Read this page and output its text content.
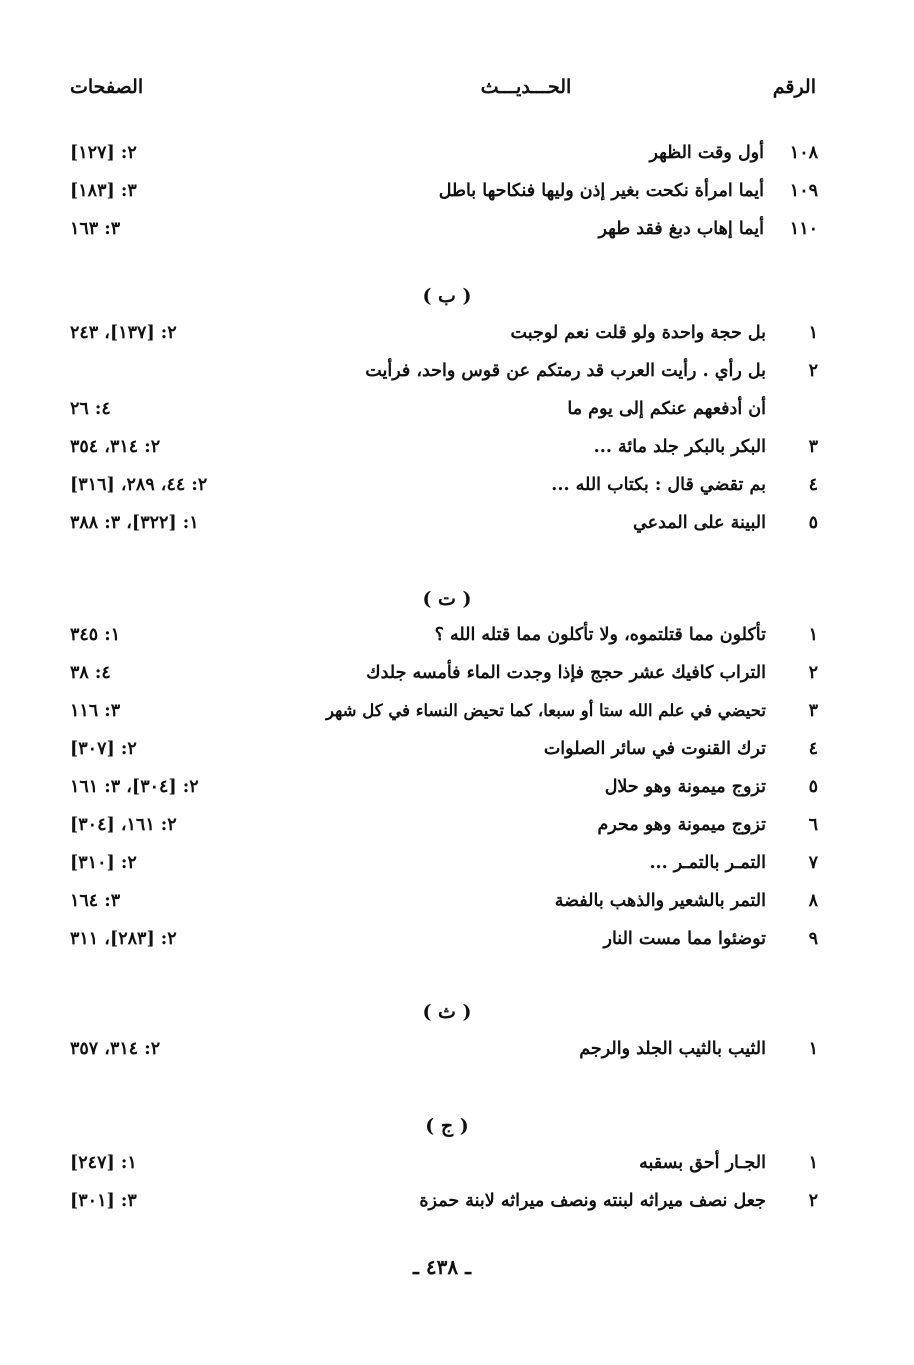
الرقم
الحـــديـــث
الصفحات
١٠٨
أول وقت الظهر
٢: [١٢٧]
١٠٩
أيما امرأة نكحت بغير إذن وليها فنكاحها باطل
٣: [١٨٣]
١١٠
أيما إهاب دبغ فقد طهر
٣: ١٦٣
( ب )
١
بل حجة واحدة ولو قلت نعم لوجبت
٢: [١٣٧]، ٢٤٣
٢
بل رأي . رأيت العرب قد رمتكم عن قوس واحد، فرأيت
أن أدفعهم عنكم إلى يوم ما
٤: ٢٦
٣
البكر بالبكر جلد مائة ...
٢: ٣١٤، ٣٥٤
٤
بم تقضي قال : بكتاب الله ...
٢: ٤٤، ٢٨٩، [٣١٦]
٥
البينة على المدعي
١: [٣٢٢]، ٣: ٣٨٨
( ت )
١
تأكلون مما قتلتموه، ولا تأكلون مما قتله الله ؟
١: ٣٤٥
٢
التراب كافيك عشر حجج فإذا وجدت الماء فأمسه جلدك
٤: ٣٨
٣
تحيضي في علم الله ستا أو سبعا، كما تحيض النساء في كل شهر
٣: ١١٦
٤
ترك القنوت في سائر الصلوات
٢: [٣٠٧]
٥
تزوج ميمونة وهو حلال
٢: [٣٠٤]، ٣: ١٦١
٦
تزوج ميمونة وهو محرم
٢: ١٦١، [٣٠٤]
٧
التمـر بالتمـر ...
٢: [٣١٠]
٨
التمر بالشعير والذهب بالفضة
٣: ١٦٤
٩
توضئوا مما مست النار
٢: [٢٨٣]، ٣١١
( ث )
١
الثيب بالثيب الجلد والرجم
٢: ٣١٤، ٣٥٧
( ج )
١
الجـار أحق بسقبه
١: [٢٤٧]
٢
جعل نصف ميراثه لبنته ونصف ميراثه لابنة حمزة
٣: [٣٠١]
ـ ٤٣٨ ـ
